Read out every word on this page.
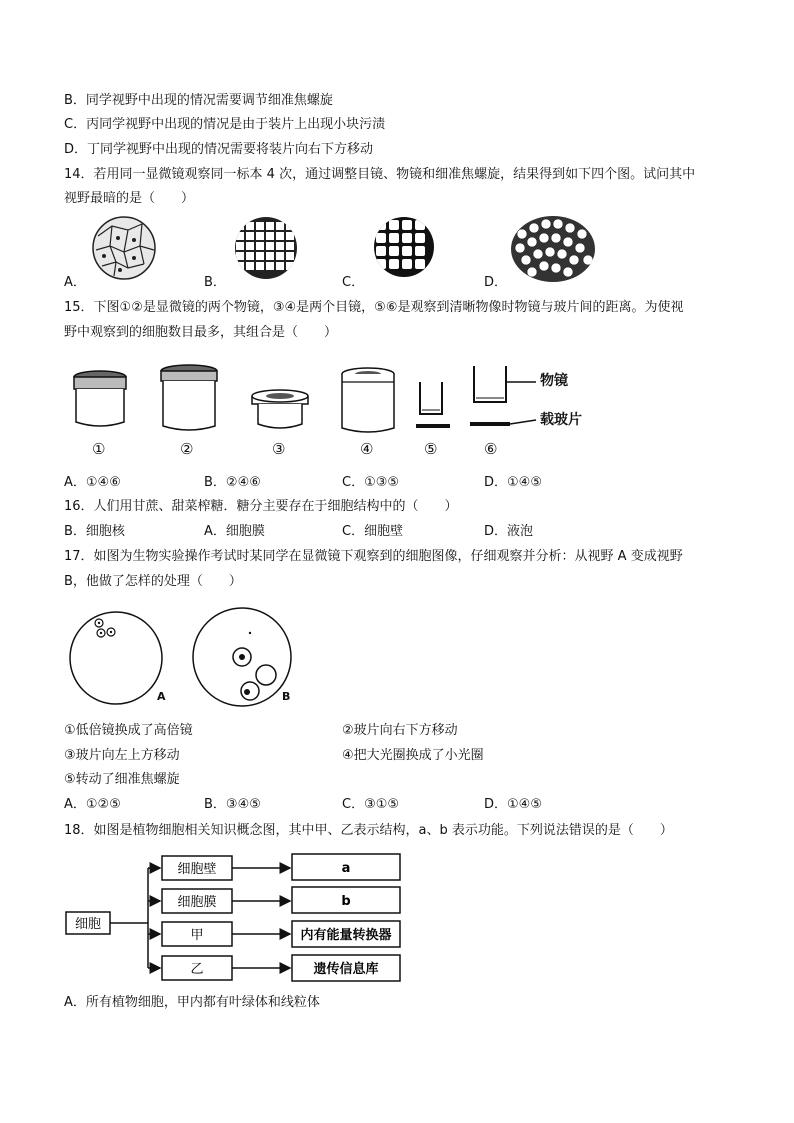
B．同学视野中出现的情况需要调节细准焦螺旋
C．丙同学视野中出现的情况是由于装片上出现小块污渍
D．丁同学视野中出现的情况需要将装片向右下方移动
14．若用同一显微镜观察同一标本 4 次，通过调整目镜、物镜和细准焦螺旋，结果得到如下四个图。试问其中
视野最暗的是（　　）
A．	B．	C．	D．
15．下图①②是显微镜的两个物镜，③④是两个目镜，⑤⑥是观察到清晰物像时物镜与玻片间的距离。为使视
野中观察到的细胞数目最多，其组合是（　　）
物镜
载玻片
①	②	③	④	⑤	⑥
A．①④⑥	B．②④⑥	C．①③⑤	D．①④⑤
16．人们用甘蔗、甜菜榨糖．糖分主要存在于细胞结构中的（　　）
B．细胞核	A．细胞膜	C．细胞壁	D．液泡
17．如图为生物实验操作考试时某同学在显微镜下观察到的细胞图像，仔细观察并分析：从视野 A 变成视野
B，他做了怎样的处理（　　）
A	B
①低倍镜换成了高倍镜	②玻片向右下方移动
③玻片向左上方移动	④把大光圈换成了小光圈
⑤转动了细准焦螺旋
A．①②⑤	B．③④⑤	C．③①⑤	D．①④⑤
18．如图是植物细胞相关知识概念图，其中甲、乙表示结构，a、b 表示功能。下列说法错误的是（　　）
细胞
细胞壁
细胞膜
甲
乙
a
b
内有能量转换器
遗传信息库
A．所有植物细胞，甲内都有叶绿体和线粒体
